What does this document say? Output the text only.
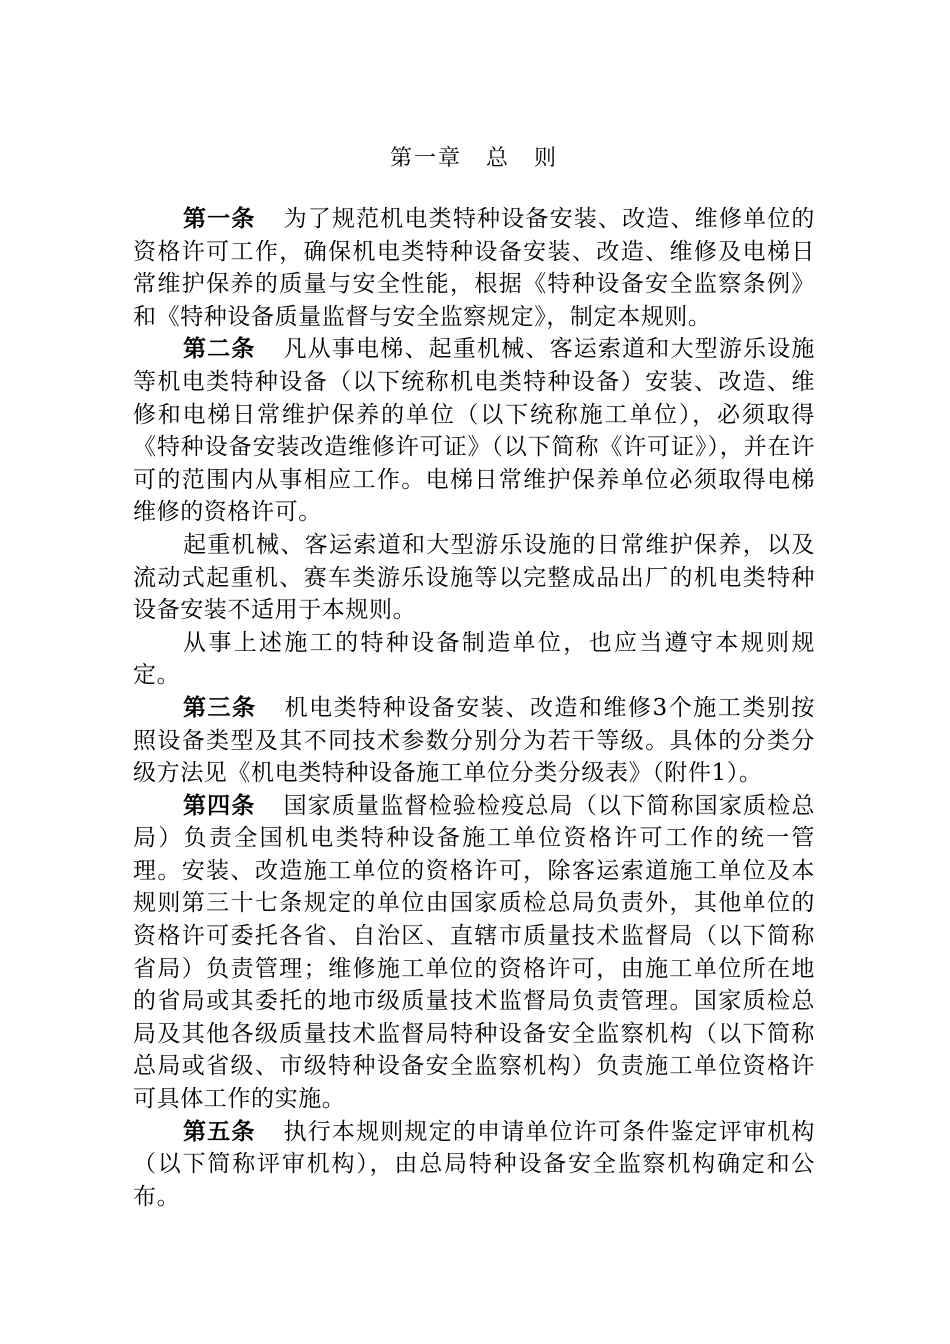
第一章　总　则

第一条 为了规范机电类特种设备安装、改造、维修单位的资格许可工作，确保机电类特种设备安装、改造、维修及电梯日常维护保养的质量与安全性能，根据《特种设备安全监察条例》和《特种设备质量监督与安全监察规定》，制定本规则。

第二条 凡从事电梯、起重机械、客运索道和大型游乐设施等机电类特种设备（以下统称机电类特种设备）安装、改造、维修和电梯日常维护保养的单位（以下统称施工单位），必须取得《特种设备安装改造维修许可证》（以下简称《许可证》），并在许可的范围内从事相应工作。电梯日常维护保养单位必须取得电梯维修的资格许可。

起重机械、客运索道和大型游乐设施的日常维护保养，以及流动式起重机、赛车类游乐设施等以完整成品出厂的机电类特种设备安装不适用于本规则。

从事上述施工的特种设备制造单位，也应当遵守本规则规定。

第三条 机电类特种设备安装、改造和维修3个施工类别按照设备类型及其不同技术参数分别分为若干等级。具体的分类分级方法见《机电类特种设备施工单位分类分级表》（附件1）。

第四条 国家质量监督检验检疫总局（以下简称国家质检总局）负责全国机电类特种设备施工单位资格许可工作的统一管理。安装、改造施工单位的资格许可，除客运索道施工单位及本规则第三十七条规定的单位由国家质检总局负责外，其他单位的资格许可委托各省、自治区、直辖市质量技术监督局（以下简称省局）负责管理；维修施工单位的资格许可，由施工单位所在地的省局或其委托的地市级质量技术监督局负责管理。国家质检总局及其他各级质量技术监督局特种设备安全监察机构（以下简称总局或省级、市级特种设备安全监察机构）负责施工单位资格许可具体工作的实施。

第五条 执行本规则规定的申请单位许可条件鉴定评审机构（以下简称评审机构），由总局特种设备安全监察机构确定和公布。
